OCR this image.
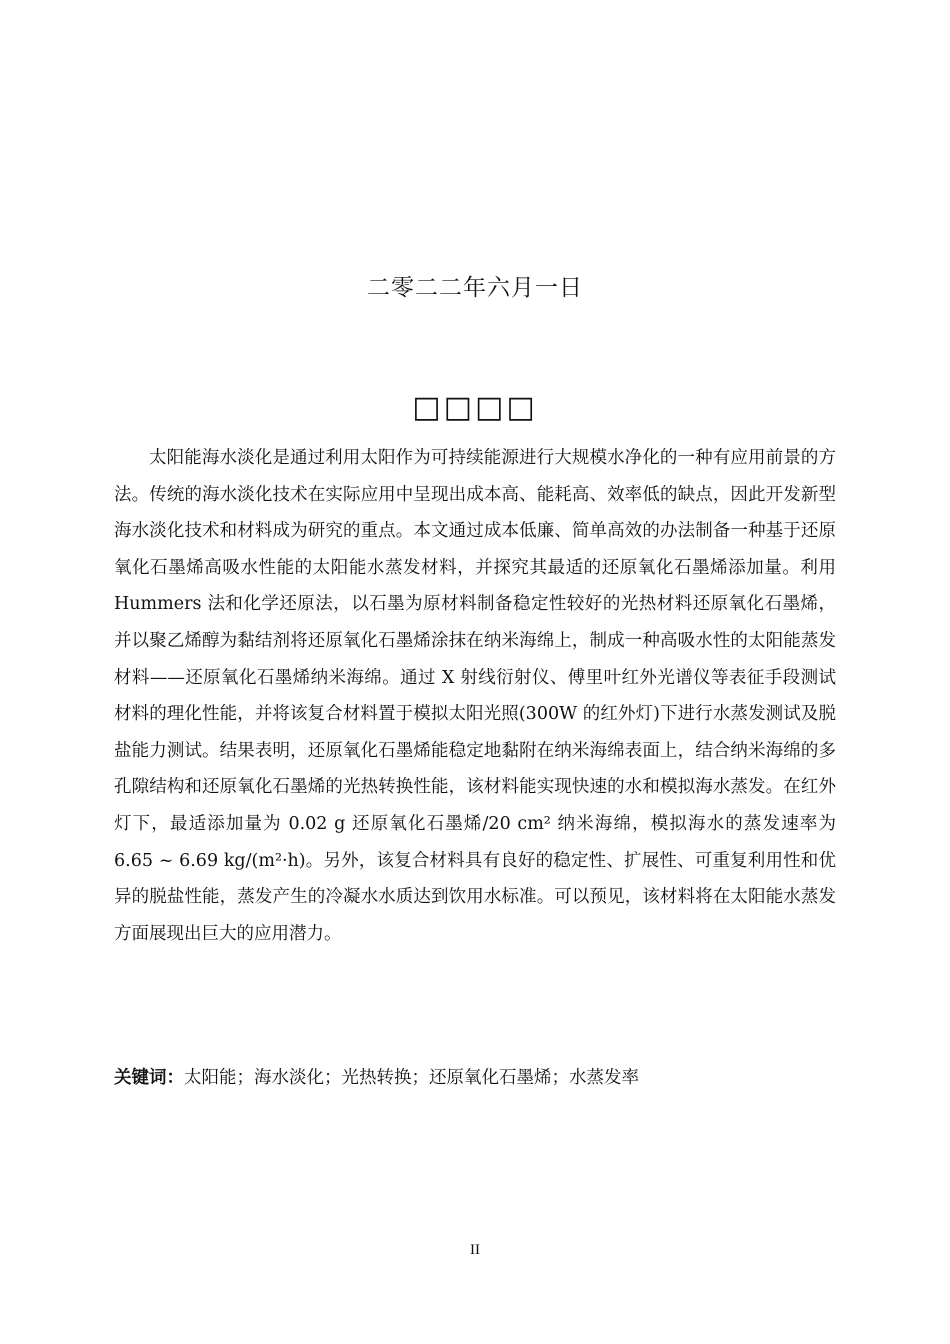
二零二二年六月一日
□□□□

太阳能海水淡化是通过利用太阳作为可持续能源进行大规模水净化的一种有应用前景的方法。传统的海水淡化技术在实际应用中呈现出成本高、能耗高、效率低的缺点，因此开发新型海水淡化技术和材料成为研究的重点。本文通过成本低廉、简单高效的办法制备一种基于还原氧化石墨烯高吸水性能的太阳能水蒸发材料，并探究其最适的还原氧化石墨烯添加量。利用 Hummers 法和化学还原法，以石墨为原材料制备稳定性较好的光热材料还原氧化石墨烯，并以聚乙烯醇为黏结剂将还原氧化石墨烯涂抹在纳米海绵上，制成一种高吸水性的太阳能蒸发材料——还原氧化石墨烯纳米海绵。通过 X 射线衍射仪、傅里叶红外光谱仪等表征手段测试材料的理化性能，并将该复合材料置于模拟太阳光照(300W 的红外灯)下进行水蒸发测试及脱盐能力测试。结果表明，还原氧化石墨烯能稳定地黏附在纳米海绵表面上，结合纳米海绵的多孔隙结构和还原氧化石墨烯的光热转换性能，该材料能实现快速的水和模拟海水蒸发。在红外灯下，最适添加量为 0.02 g 还原氧化石墨烯/20 cm² 纳米海绵，模拟海水的蒸发速率为 6.65 ~ 6.69 kg/(m²·h)。另外，该复合材料具有良好的稳定性、扩展性、可重复利用性和优异的脱盐性能，蒸发产生的冷凝水水质达到饮用水标准。可以预见，该材料将在太阳能水蒸发方面展现出巨大的应用潜力。

关键词：太阳能；海水淡化；光热转换；还原氧化石墨烯；水蒸发率
II
